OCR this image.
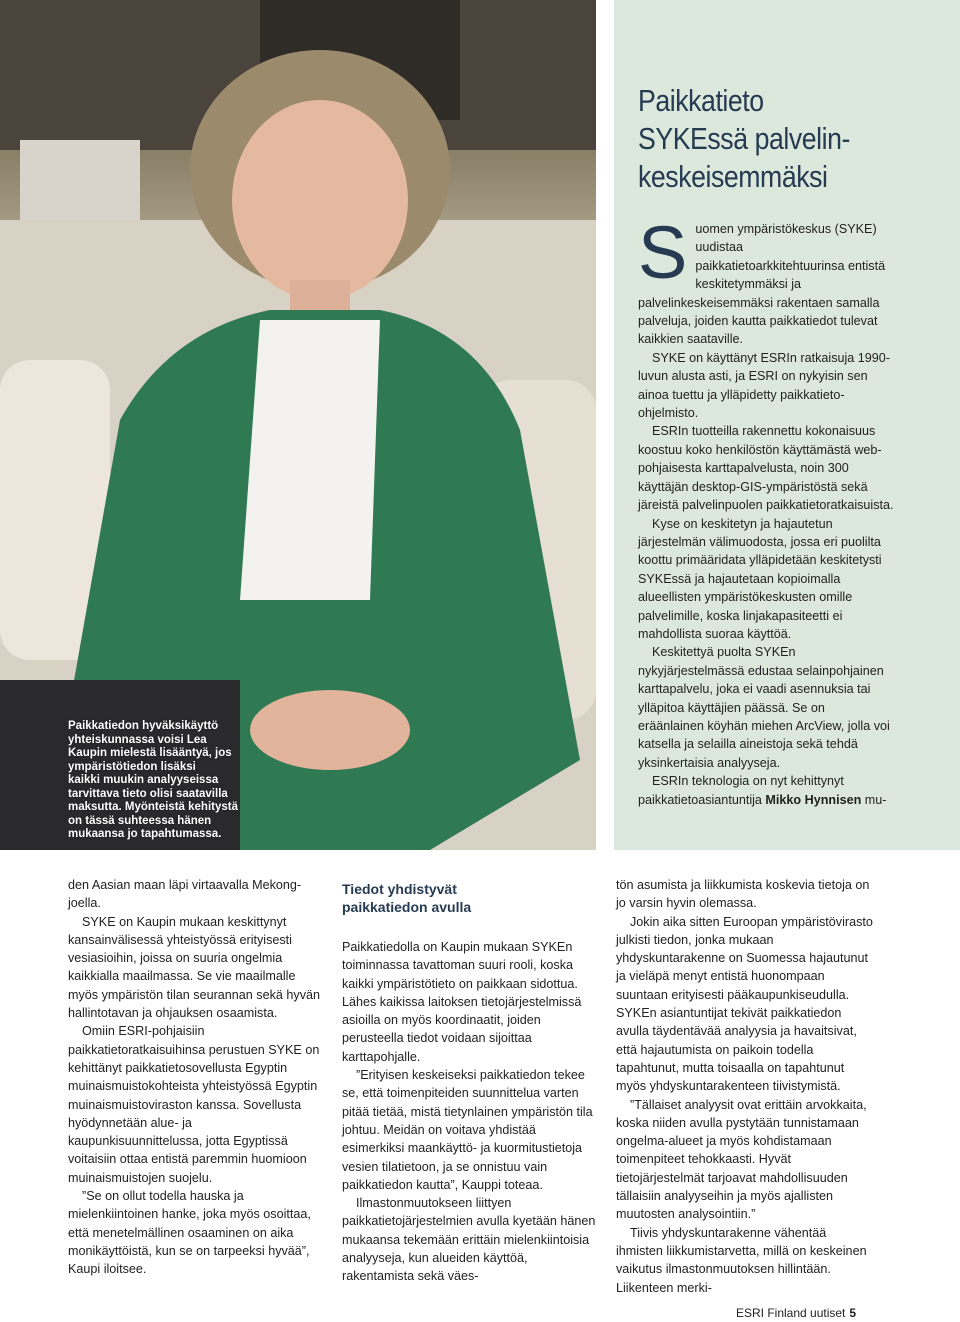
Paikkatiedon hyväksikäyttö
yhteiskunnassa voisi Lea
Kaupin mielestä lisääntyä, jos
ympäristötiedon lisäksi
kaikki muukin analyyseissa
tarvittava tieto olisi saatavilla
maksutta. Myönteistä kehitystä
on tässä suhteessa hänen
mukaansa jo tapahtumassa.
Paikkatieto
SYKEssä palvelin-
keskeisemmäksi

Suomen ympäristökeskus (SYKE) uudistaa paikkatietoarkkitehtuurinsa entistä keskitetymmäksi ja palvelinkeskeisemmäksi rakentaen samalla palveluja, joiden kautta paikkatiedot tulevat kaikkien saataville.

SYKE on käyttänyt ESRIn ratkaisuja 1990-luvun alusta asti, ja ESRI on nykyisin sen ainoa tuettu ja ylläpidetty paikkatieto-ohjelmisto.

ESRIn tuotteilla rakennettu kokonaisuus koostuu koko henkilöstön käyttämästä web-pohjaisesta karttapalvelusta, noin 300 käyttäjän desktop-GIS-ympäristöstä sekä järeistä palvelinpuolen paikkatietoratkaisuista.

Kyse on keskitetyn ja hajautetun järjestelmän välimuodosta, jossa eri puolilta koottu primääridata ylläpidetään keskitetysti SYKEssä ja hajautetaan kopioimalla alueellisten ympäristökeskusten omille palvelimille, koska linjakapasiteetti ei mahdollista suoraa käyttöä.

Keskitettyä puolta SYKEn nykyjärjestelmässä edustaa selainpohjainen karttapalvelu, joka ei vaadi asennuksia tai ylläpitoa käyttäjien päässä. Se on eräänlainen köyhän miehen ArcView, jolla voi katsella ja selailla aineistoja sekä tehdä yksinkertaisia analyyseja.

ESRIn teknologia on nyt kehittynyt paikkatietoasiantuntija Mikko Hynnisen mu-

den Aasian maan läpi virtaavalla Mekong-joella.

SYKE on Kaupin mukaan keskittynyt kansainvälisessä yhteistyössä erityisesti vesiasioihin, joissa on suuria ongelmia kaikkialla maailmassa. Se vie maailmalle myös ympäristön tilan seurannan sekä hyvän hallintotavan ja ohjauksen osaamista.

Omiin ESRI-pohjaisiin paikkatietoratkaisuihinsa perustuen SYKE on kehittänyt paikkatietosovellusta Egyptin muinaismuistokohteista yhteistyössä Egyptin muinaismuistoviraston kanssa. Sovellusta hyödynnetään alue- ja kaupunkisuunnittelussa, jotta Egyptissä voitaisiin ottaa entistä paremmin huomioon muinaismuistojen suojelu.

”Se on ollut todella hauska ja mielenkiintoinen hanke, joka myös osoittaa, että menetelmällinen osaaminen on aika monikäyttöistä, kun se on tarpeeksi hyvää”, Kaupi iloitsee.

Tiedot yhdistyvät
paikkatiedon avulla

Paikkatiedolla on Kaupin mukaan SYKEn toiminnassa tavattoman suuri rooli, koska kaikki ympäristötieto on paikkaan sidottua. Lähes kaikissa laitoksen tietojärjestelmissä asioilla on myös koordinaatit, joiden perusteella tiedot voidaan sijoittaa karttapohjalle.

”Erityisen keskeiseksi paikkatiedon tekee se, että toimenpiteiden suunnittelua varten pitää tietää, mistä tietynlainen ympäristön tila johtuu. Meidän on voitava yhdistää esimerkiksi maankäyttö- ja kuormitustietoja vesien tilatietoon, ja se onnistuu vain paikkatiedon kautta”, Kauppi toteaa.

Ilmastonmuutokseen liittyen paikkatietojärjestelmien avulla kyetään hänen mukaansa tekemään erittäin mielenkiintoisia analyyseja, kun alueiden käyttöä, rakentamista sekä väes-

tön asumista ja liikkumista koskevia tietoja on jo varsin hyvin olemassa.

Jokin aika sitten Euroopan ympäristövirasto julkisti tiedon, jonka mukaan yhdyskuntarakenne on Suomessa hajautunut ja vieläpä menyt entistä huonompaan suuntaan erityisesti pääkaupunkiseudulla. SYKEn asiantuntijat tekivät paikkatiedon avulla täydentävää analyysia ja havaitsivat, että hajautumista on paikoin todella tapahtunut, mutta toisaalla on tapahtunut myös yhdyskuntarakenteen tiivistymistä.

”Tällaiset analyysit ovat erittäin arvokkaita, koska niiden avulla pystytään tunnistamaan ongelma-alueet ja myös kohdistamaan toimenpiteet tehokkaasti. Hyvät tietojärjestelmät tarjoavat mahdollisuuden tällaisiin analyyseihin ja myös ajallisten muutosten analysointiin.”

Tiivis yhdyskuntarakenne vähentää ihmisten liikkumistarvetta, millä on keskeinen vaikutus ilmastonmuutoksen hillintään. Liikenteen merki-

ESRI Finland uutiset 5
